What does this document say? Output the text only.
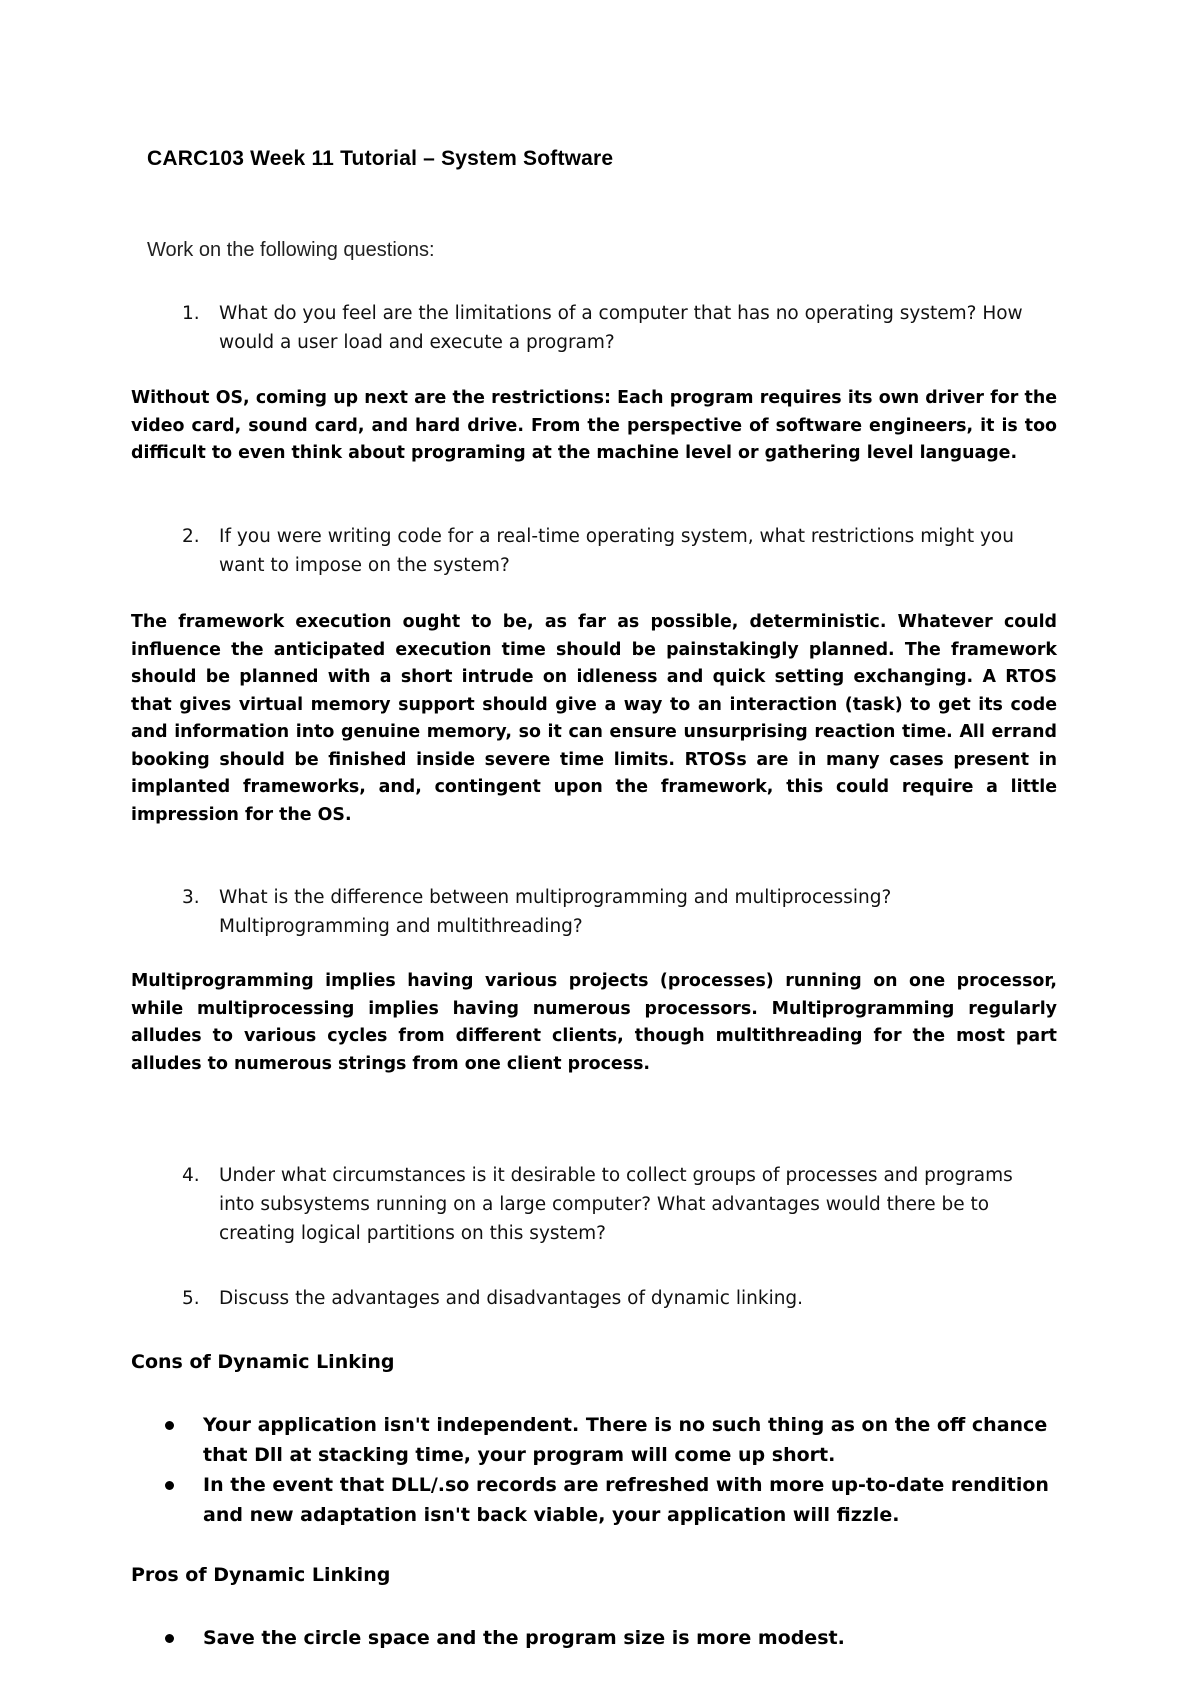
CARC103 Week 11 Tutorial – System Software
Work on the following questions:
1.	What do you feel are the limitations of a computer that has no operating system? How would a user load and execute a program?
Without OS, coming up next are the restrictions: Each program requires its own driver for the video card, sound card, and hard drive. From the perspective of software engineers, it is too difficult to even think about programing at the machine level or gathering level language.
2.	If you were writing code for a real-time operating system, what restrictions might you want to impose on the system?
The framework execution ought to be, as far as possible, deterministic. Whatever could influence the anticipated execution time should be painstakingly planned. The framework should be planned with a short intrude on idleness and quick setting exchanging. A RTOS that gives virtual memory support should give a way to an interaction (task) to get its code and information into genuine memory, so it can ensure unsurprising reaction time. All errand booking should be finished inside severe time limits. RTOSs are in many cases present in implanted frameworks, and, contingent upon the framework, this could require a little impression for the OS.
3.	What is the difference between multiprogramming and multiprocessing?
Multiprogramming and multithreading?
Multiprogramming implies having various projects (processes) running on one processor, while multiprocessing implies having numerous processors. Multiprogramming regularly alludes to various cycles from different clients, though multithreading for the most part alludes to numerous strings from one client process.
4.	Under what circumstances is it desirable to collect groups of processes and programs into subsystems running on a large computer? What advantages would there be to creating logical partitions on this system?
5.	Discuss the advantages and disadvantages of dynamic linking.
Cons of Dynamic Linking
Your application isn't independent. There is no such thing as on the off chance that Dll at stacking time, your program will come up short.
In the event that DLL/.so records are refreshed with more up-to-date rendition and new adaptation isn't back viable, your application will fizzle.
Pros of Dynamic Linking
Save the circle space and the program size is more modest.
